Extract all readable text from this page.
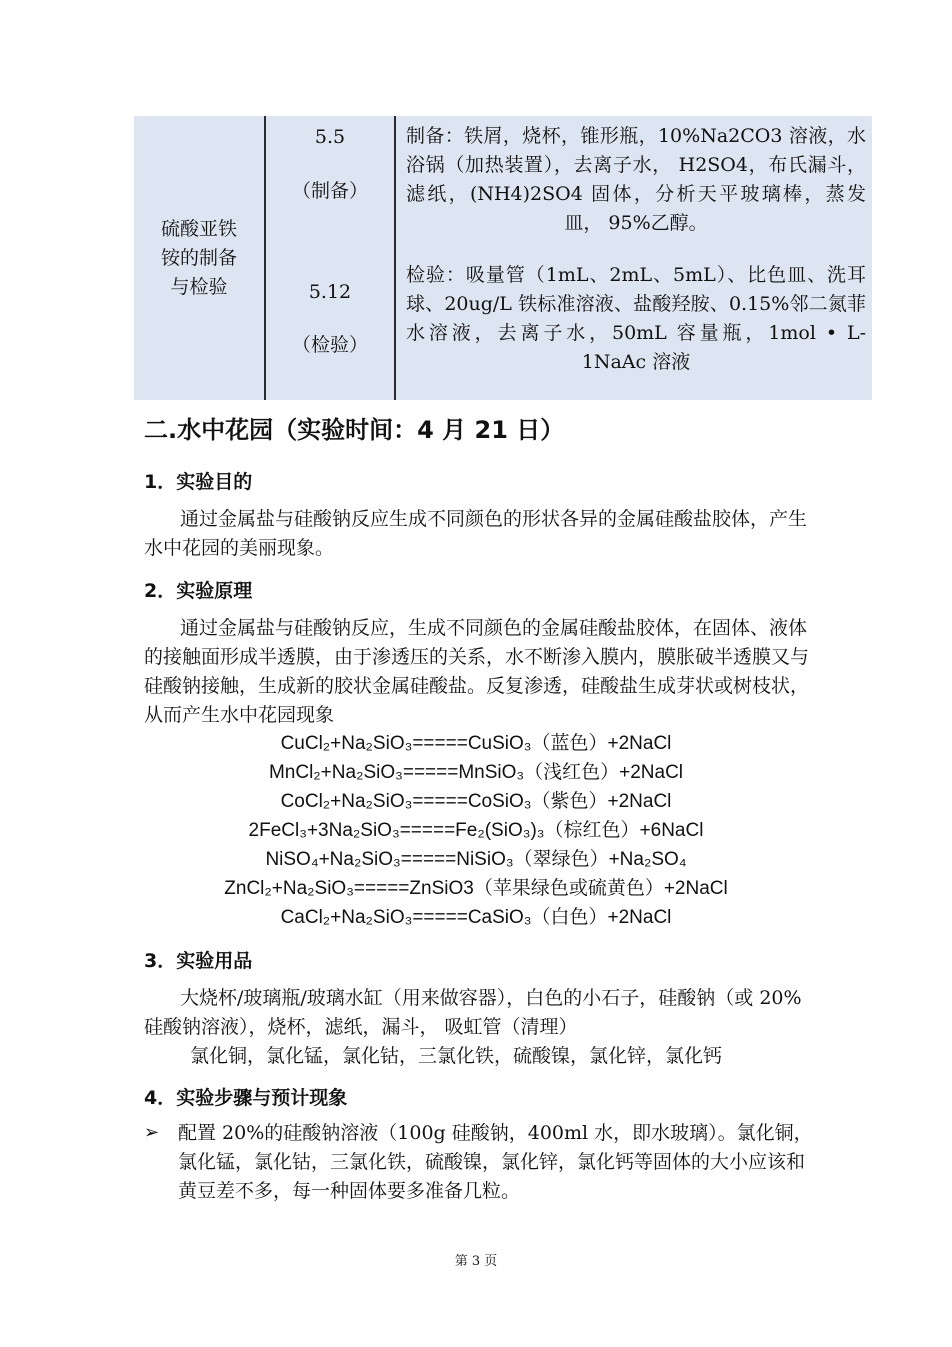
硫酸亚铁
铵的制备
与检验
5.5
（制备）
5.12
（检验）
制备：铁屑，烧杯，锥形瓶，10%Na2CO3 溶液，水浴锅（加热装置），去离子水， H2SO4，布氏漏斗，滤纸，(NH4)2SO4 固体，分析天平玻璃棒，蒸发皿， 95%乙醇。
检验：吸量管（1mL、2mL、5mL）、比色皿、洗耳球、20ug/L 铁标准溶液、盐酸羟胺、0.15%邻二氮菲水溶液，去离子水，50mL 容量瓶，1mol • L-1NaAc 溶液
二.水中花园（实验时间：4 月 21 日）
1．实验目的
通过金属盐与硅酸钠反应生成不同颜色的形状各异的金属硅酸盐胶体，产生水中花园的美丽现象。
2．实验原理
通过金属盐与硅酸钠反应，生成不同颜色的金属硅酸盐胶体，在固体、液体的接触面形成半透膜，由于渗透压的关系，水不断渗入膜内，膜胀破半透膜又与硅酸钠接触，生成新的胶状金属硅酸盐。反复渗透，硅酸盐生成芽状或树枝状，从而产生水中花园现象
CuCl₂+Na₂SiO₃=====CuSiO₃（蓝色）+2NaCl
MnCl₂+Na₂SiO₃=====MnSiO₃（浅红色）+2NaCl
CoCl₂+Na₂SiO₃=====CoSiO₃（紫色）+2NaCl
2FeCl₃+3Na₂SiO₃=====Fe₂(SiO₃)₃（棕红色）+6NaCl
NiSO₄+Na₂SiO₃=====NiSiO₃（翠绿色）+Na₂SO₄
ZnCl₂+Na₂SiO₃=====ZnSiO3（苹果绿色或硫黄色）+2NaCl
CaCl₂+Na₂SiO₃=====CaSiO₃（白色）+2NaCl
3．实验用品
大烧杯/玻璃瓶/玻璃水缸（用来做容器），白色的小石子，硅酸钠（或 20%硅酸钠溶液），烧杯，滤纸，漏斗， 吸虹管（清理）
氯化铜，氯化锰，氯化钴，三氯化铁，硫酸镍，氯化锌，氯化钙
4．实验步骤与预计现象
➢ 配置 20%的硅酸钠溶液（100g 硅酸钠，400ml 水，即水玻璃）。氯化铜，氯化锰，氯化钴，三氯化铁，硫酸镍，氯化锌，氯化钙等固体的大小应该和黄豆差不多，每一种固体要多准备几粒。
第 3 页
